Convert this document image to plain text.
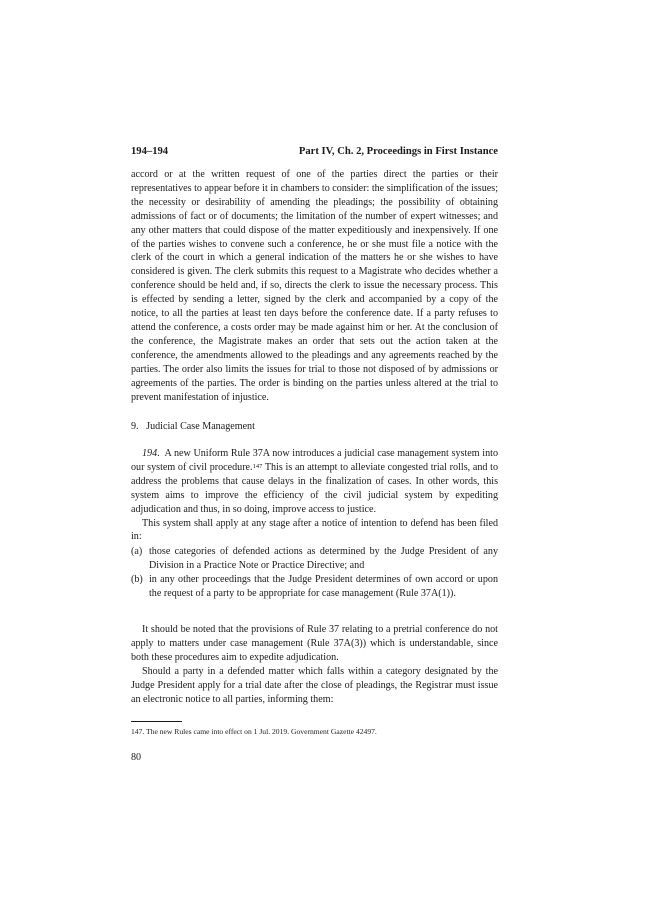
194–194	Part IV, Ch. 2, Proceedings in First Instance

accord or at the written request of one of the parties direct the parties or their representatives to appear before it in chambers to consider: the simplification of the issues; the necessity or desirability of amending the pleadings; the possibility of obtaining admissions of fact or of documents; the limitation of the number of expert witnesses; and any other matters that could dispose of the matter expeditiously and inexpensively. If one of the parties wishes to convene such a conference, he or she must file a notice with the clerk of the court in which a general indication of the matters he or she wishes to have considered is given. The clerk submits this request to a Magistrate who decides whether a conference should be held and, if so, directs the clerk to issue the necessary process. This is effected by sending a letter, signed by the clerk and accompanied by a copy of the notice, to all the parties at least ten days before the conference date. If a party refuses to attend the conference, a costs order may be made against him or her. At the conclusion of the conference, the Magistrate makes an order that sets out the action taken at the conference, the amendments allowed to the pleadings and any agreements reached by the parties. The order also limits the issues for trial to those not disposed of by admissions or agreements of the parties. The order is binding on the parties unless altered at the trial to prevent manifestation of injustice.

9. Judicial Case Management

194.  A new Uniform Rule 37A now introduces a judicial case management system into our system of civil procedure.$^{147}$ This is an attempt to alleviate congested trial rolls, and to address the problems that cause delays in the finalization of cases. In other words, this system aims to improve the efficiency of the civil judicial system by expediting adjudication and thus, in so doing, improve access to justice.

This system shall apply at any stage after a notice of intention to defend has been filed in:

(a) those categories of defended actions as determined by the Judge President of any Division in a Practice Note or Practice Directive; and
(b) in any other proceedings that the Judge President determines of own accord or upon the request of a party to be appropriate for case management (Rule 37A(1)).

It should be noted that the provisions of Rule 37 relating to a pretrial conference do not apply to matters under case management (Rule 37A(3)) which is understandable, since both these procedures aim to expedite adjudication.

Should a party in a defended matter which falls within a category designated by the Judge President apply for a trial date after the close of pleadings, the Registrar must issue an electronic notice to all parties, informing them:

147. The new Rules came into effect on 1 Jul. 2019. Government Gazette 42497.
80
